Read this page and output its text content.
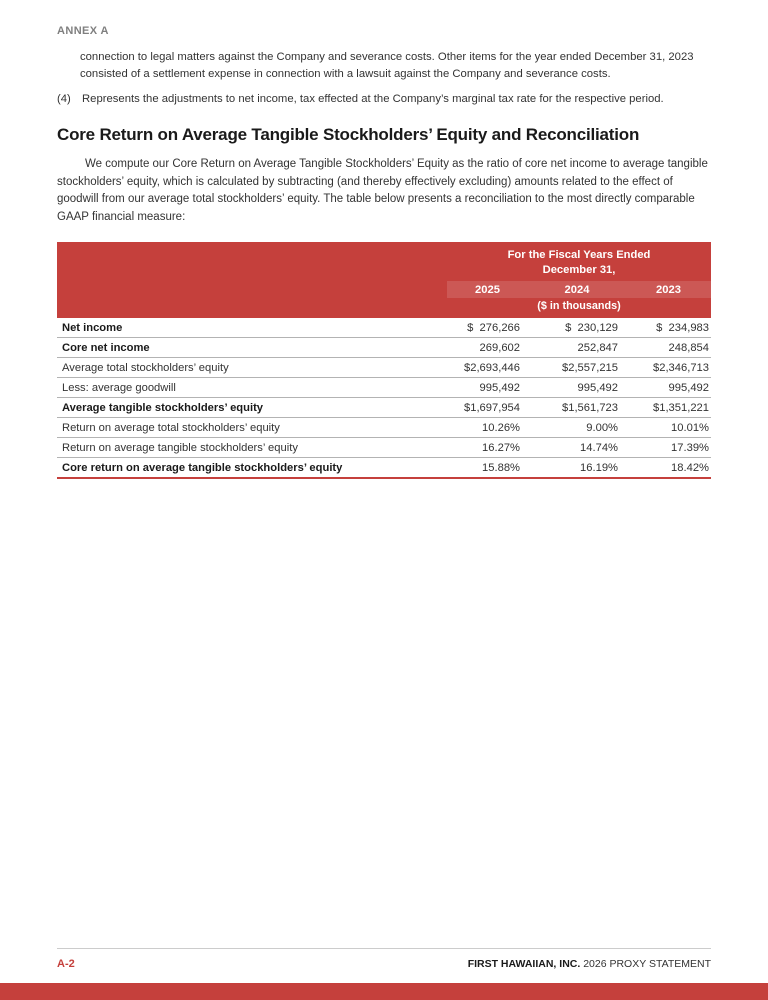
ANNEX A

connection to legal matters against the Company and severance costs. Other items for the year ended December 31, 2023 consisted of a settlement expense in connection with a lawsuit against the Company and severance costs.

(4) Represents the adjustments to net income, tax effected at the Company’s marginal tax rate for the respective period.
Core Return on Average Tangible Stockholders’ Equity and Reconciliation

We compute our Core Return on Average Tangible Stockholders’ Equity as the ratio of core net income to average tangible stockholders’ equity, which is calculated by subtracting (and thereby effectively excluding) amounts related to the effect of goodwill from our average total stockholders’ equity. The table below presents a reconciliation to the most directly comparable GAAP financial measure:

For the Fiscal Years Ended
December 31,
2025	2024	2023
($ in thousands)
Net income	$  276,266	$  230,129	$  234,983
Core net income	269,602	252,847	248,854
Average total stockholders’ equity	$2,693,446	$2,557,215	$2,346,713
Less: average goodwill	995,492	995,492	995,492
Average tangible stockholders’ equity	$1,697,954	$1,561,723	$1,351,221
Return on average total stockholders’ equity	10.26%	9.00%	10.01%
Return on average tangible stockholders’ equity	16.27%	14.74%	17.39%
Core return on average tangible stockholders’ equity	15.88%	16.19%	18.42%
A-2	FIRST HAWAIIAN, INC. 2026 PROXY STATEMENT
